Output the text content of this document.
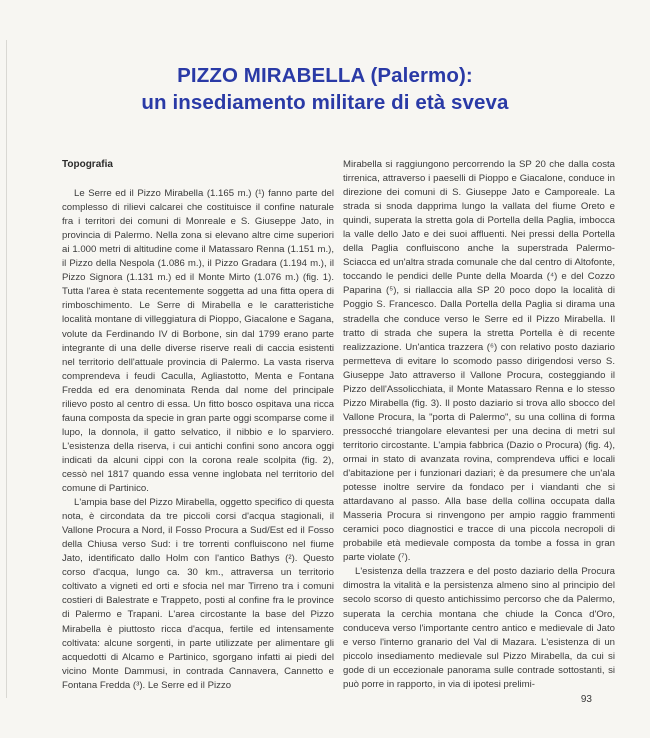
PIZZO MIRABELLA (Palermo):
un insediamento militare di età sveva
Topografia

Le Serre ed il Pizzo Mirabella (1.165 m.) (¹) fanno parte del complesso di rilievi calcarei che costituisce il confine naturale fra i territori dei comuni di Monreale e S. Giuseppe Jato, in provincia di Palermo. Nella zona si elevano altre cime superiori ai 1.000 metri di altitudine come il Matassaro Renna (1.151 m.), il Pizzo della Nespola (1.086 m.), il Pizzo Gradara (1.194 m.), il Pizzo Signora (1.131 m.) ed il Monte Mirto (1.076 m.) (fig. 1). Tutta l'area è stata recentemente soggetta ad una fitta opera di rimboschimento. Le Serre di Mirabella e le caratteristiche località montane di villeggiatura di Pioppo, Giacalone e Sagana, volute da Ferdinando IV di Borbone, sin dal 1799 erano parte integrante di una delle diverse riserve reali di caccia esistenti nel territorio dell'attuale provincia di Palermo. La vasta riserva comprendeva i feudi Caculla, Agliastotto, Menta e Fontana Fredda ed era denominata Renda dal nome del principale rilievo posto al centro di essa. Un fitto bosco ospitava una ricca fauna composta da specie in gran parte oggi scomparse come il lupo, la donnola, il gatto selvatico, il nibbio e lo sparviero. L'esistenza della riserva, i cui antichi confini sono ancora oggi indicati da alcuni cippi con la corona reale scolpita (fig. 2), cessò nel 1817 quando essa venne inglobata nel territorio del comune di Partinico.

L'ampia base del Pizzo Mirabella, oggetto specifico di questa nota, è circondata da tre piccoli corsi d'acqua stagionali, il Vallone Procura a Nord, il Fosso Procura a Sud/Est ed il Fosso della Chiusa verso Sud: i tre torrenti confluiscono nel fiume Jato, identificato dallo Holm con l'antico Bathys (²). Questo corso d'acqua, lungo ca. 30 km., attraversa un territorio coltivato a vigneti ed orti e sfocia nel mar Tirreno tra i comuni costieri di Balestrate e Trappeto, posti al confine fra le province di Palermo e Trapani. L'area circostante la base del Pizzo Mirabella è piuttosto ricca d'acqua, fertile ed intensamente coltivata: alcune sorgenti, in parte utilizzate per alimentare gli acquedotti di Alcamo e Partinico, sgorgano infatti ai piedi del vicino Monte Dammusi, in contrada Cannavera, Cannetto e Fontana Fredda (³). Le Serre ed il Pizzo

Mirabella si raggiungono percorrendo la SP 20 che dalla costa tirrenica, attraverso i paeselli di Pioppo e Giacalone, conduce in direzione dei comuni di S. Giuseppe Jato e Camporeale. La strada si snoda dapprima lungo la vallata del fiume Oreto e quindi, superata la stretta gola di Portella della Paglia, imbocca la valle dello Jato e dei suoi affluenti. Nei pressi della Portella della Paglia confluiscono anche la superstrada Palermo-Sciacca ed un'altra strada comunale che dal centro di Altofonte, toccando le pendici delle Punte della Moarda (⁴) e del Cozzo Paparina (⁵), si riallaccia alla SP 20 poco dopo la località di Poggio S. Francesco. Dalla Portella della Paglia si dirama una stradella che conduce verso le Serre ed il Pizzo Mirabella. Il tratto di strada che supera la stretta Portella è di recente realizzazione. Un'antica trazzera (⁶) con relativo posto daziario permetteva di evitare lo scomodo passo dirigendosi verso S. Giuseppe Jato attraverso il Vallone Procura, costeggiando il Pizzo dell'Assolicchiata, il Monte Matassaro Renna e lo stesso Pizzo Mirabella (fig. 3). Il posto daziario si trova allo sbocco del Vallone Procura, la "porta di Palermo", su una collina di forma pressocché triangolare elevantesi per una decina di metri sul territorio circostante. L'ampia fabbrica (Dazio o Procura) (fig. 4), ormai in stato di avanzata rovina, comprendeva uffici e locali d'abitazione per i funzionari daziari; è da presumere che un'ala potesse inoltre servire da fondaco per i viandanti che si attardavano al passo. Alla base della collina occupata dalla Masseria Procura si rinvengono per ampio raggio frammenti ceramici poco diagnostici e tracce di una piccola necropoli di probabile età medievale composta da tombe a fossa in gran parte violate (⁷).

L'esistenza della trazzera e del posto daziario della Procura dimostra la vitalità e la persistenza almeno sino al principio del secolo scorso di questo antichissimo percorso che da Palermo, superata la cerchia montana che chiude la Conca d'Oro, conduceva verso l'importante centro antico e medievale di Jato e verso l'interno granario del Val di Mazara. L'esistenza di un piccolo insediamento medievale sul Pizzo Mirabella, da cui si gode di un eccezionale panorama sulle contrade sottostanti, si può porre in rapporto, in via di ipotesi prelimi-

93
